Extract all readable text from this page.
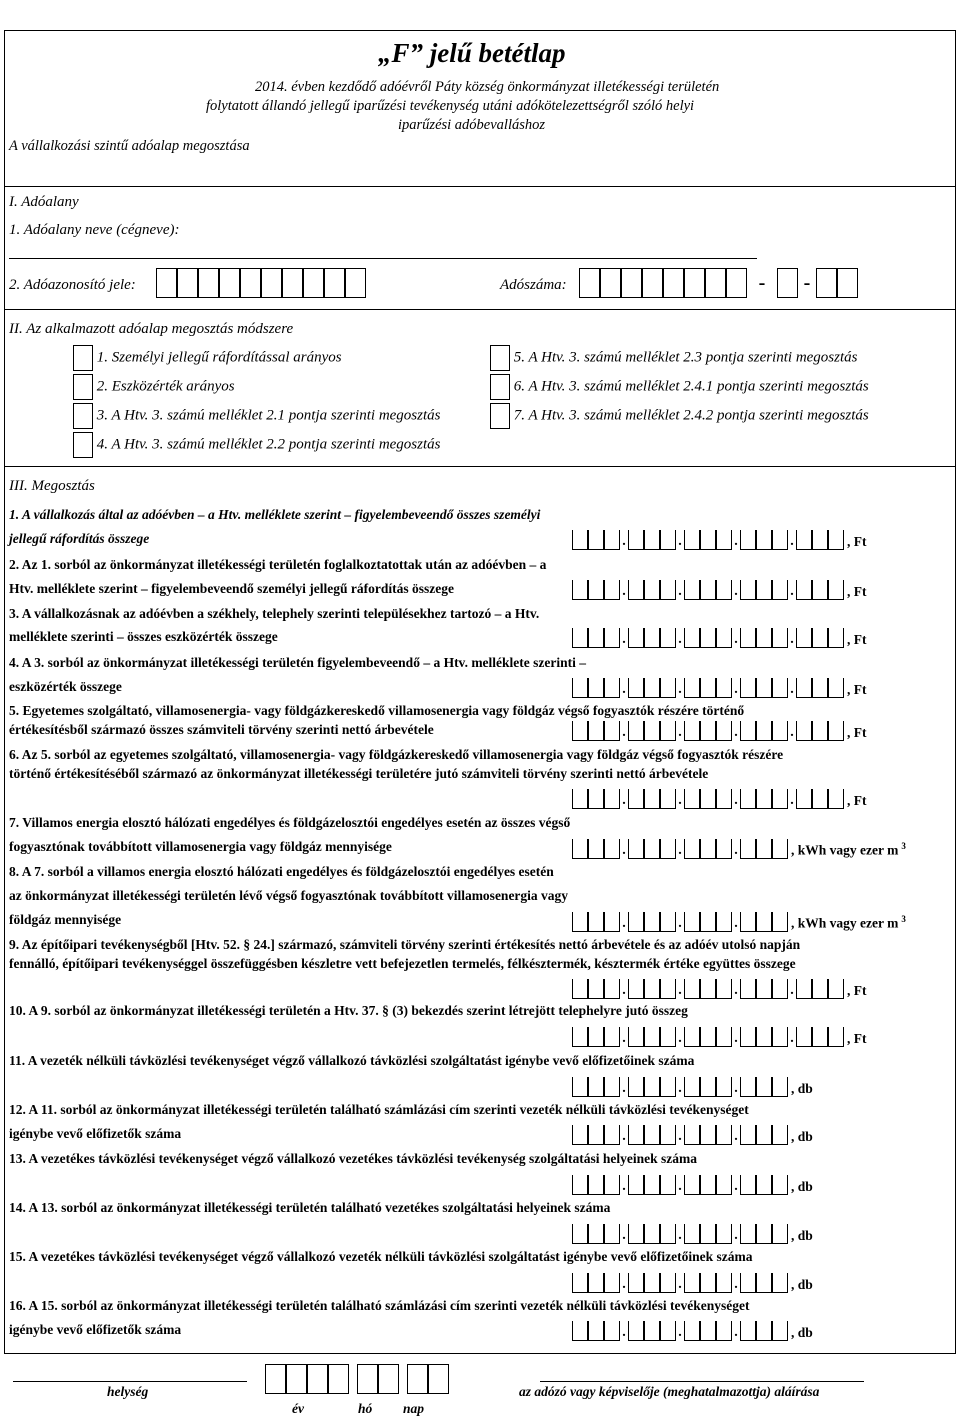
„F” jelű betétlap
2014. évben kezdődő adóévről Páty község önkormányzat illetékességi területén
folytatott állandó jellegű iparűzési tevékenység utáni adókötelezettségről szóló helyi
iparűzési adóbevalláshoz
A vállalkozási szintű adóalap megosztása
I. Adóalany
1. Adóalany neve (cégneve):
2. Adóazonosító jele:	Adószáma:	-	-
II. Az alkalmazott adóalap megosztás módszere
1. Személyi jellegű ráfordítással arányos
2. Eszközérték arányos
3. A Htv. 3. számú melléklet 2.1 pontja szerinti megosztás
4. A Htv. 3. számú melléklet 2.2 pontja szerinti megosztás
5. A Htv. 3. számú melléklet 2.3 pontja szerinti megosztás
6. A Htv. 3. számú melléklet 2.4.1 pontja szerinti megosztás
7. A Htv. 3. számú melléklet 2.4.2 pontja szerinti megosztás
III. Megosztás
1. A vállalkozás által az adóévben – a Htv. melléklete szerint – figyelembeveendő összes személyi
jellegű ráfordítás összege	.	.	.	.	, Ft
2. Az 1. sorból az önkormányzat illetékességi területén foglalkoztatottak után az adóévben – a
Htv. melléklete szerint – figyelembeveendő személyi jellegű ráfordítás összege	.	.	.	.	, Ft
3. A vállalkozásnak az adóévben a székhely, telephely szerinti településekhez tartozó – a Htv.
melléklete szerinti – összes eszközérték összege	.	.	.	.	, Ft
4. A 3. sorból az önkormányzat illetékességi területén figyelembeveendő – a Htv. melléklete szerinti –
eszközérték összege	.	.	.	.	, Ft
5. Egyetemes szolgáltató, villamosenergia- vagy földgázkereskedő villamosenergia vagy földgáz végső fogyasztók részére történő
értékesítésből származó összes számviteli törvény szerinti nettó árbevétele	.	.	.	.	, Ft
6. Az 5. sorból az egyetemes szolgáltató, villamosenergia- vagy földgázkereskedő villamosenergia vagy földgáz végső fogyasztók részére
történő értékesítéséből származó az önkormányzat illetékességi területére jutó számviteli törvény szerinti nettó árbevétele
.	.	.	.	, Ft
7. Villamos energia elosztó hálózati engedélyes és földgázelosztói engedélyes esetén az összes végső
fogyasztónak továbbított villamosenergia vagy földgáz mennyisége	.	.	.	, kWh vagy ezer m $^3$
8. A 7. sorból a villamos energia elosztó hálózati engedélyes és földgázelosztói engedélyes esetén
az önkormányzat illetékességi területén lévő végső fogyasztónak továbbított villamosenergia vagy
földgáz mennyisége	.	.	.	, kWh vagy ezer m $^3$
9. Az építőipari tevékenységből [Htv. 52. § 24.] származó, számviteli törvény szerinti értékesítés nettó árbevétele és az adóév utolsó napján
fennálló, építőipari tevékenységgel összefüggésben készletre vett befejezetlen termelés, félkésztermék, késztermék értéke együttes összege
.	.	.	.	, Ft
10. A 9. sorból az önkormányzat illetékességi területén a Htv. 37. § (3) bekezdés szerint létrejött telephelyre jutó összeg
.	.	.	.	, Ft
11. A vezeték nélküli távközlési tevékenységet végző vállalkozó távközlési szolgáltatást igénybe vevő előfizetőinek száma
.	.	.	, db
12. A 11. sorból az önkormányzat illetékességi területén található számlázási cím szerinti vezeték nélküli távközlési tevékenységet
igénybe vevő előfizetők száma	.	.	.	, db
13. A vezetékes távközlési tevékenységet végző vállalkozó vezetékes távközlési tevékenység szolgáltatási helyeinek száma
.	.	.	, db
14. A 13. sorból az önkormányzat illetékességi területén található vezetékes szolgáltatási helyeinek száma
.	.	.	, db
15. A vezetékes távközlési tevékenységet végző vállalkozó vezeték nélküli távközlési szolgáltatást igénybe vevő előfizetőinek száma
.	.	.	, db
16. A 15. sorból az önkormányzat illetékességi területén található számlázási cím szerinti vezeték nélküli távközlési tevékenységet
igénybe vevő előfizetők száma	.	.	.	, db
helység
év	hó nap
az adózó vagy képviselője (meghatalmazottja) aláírása
